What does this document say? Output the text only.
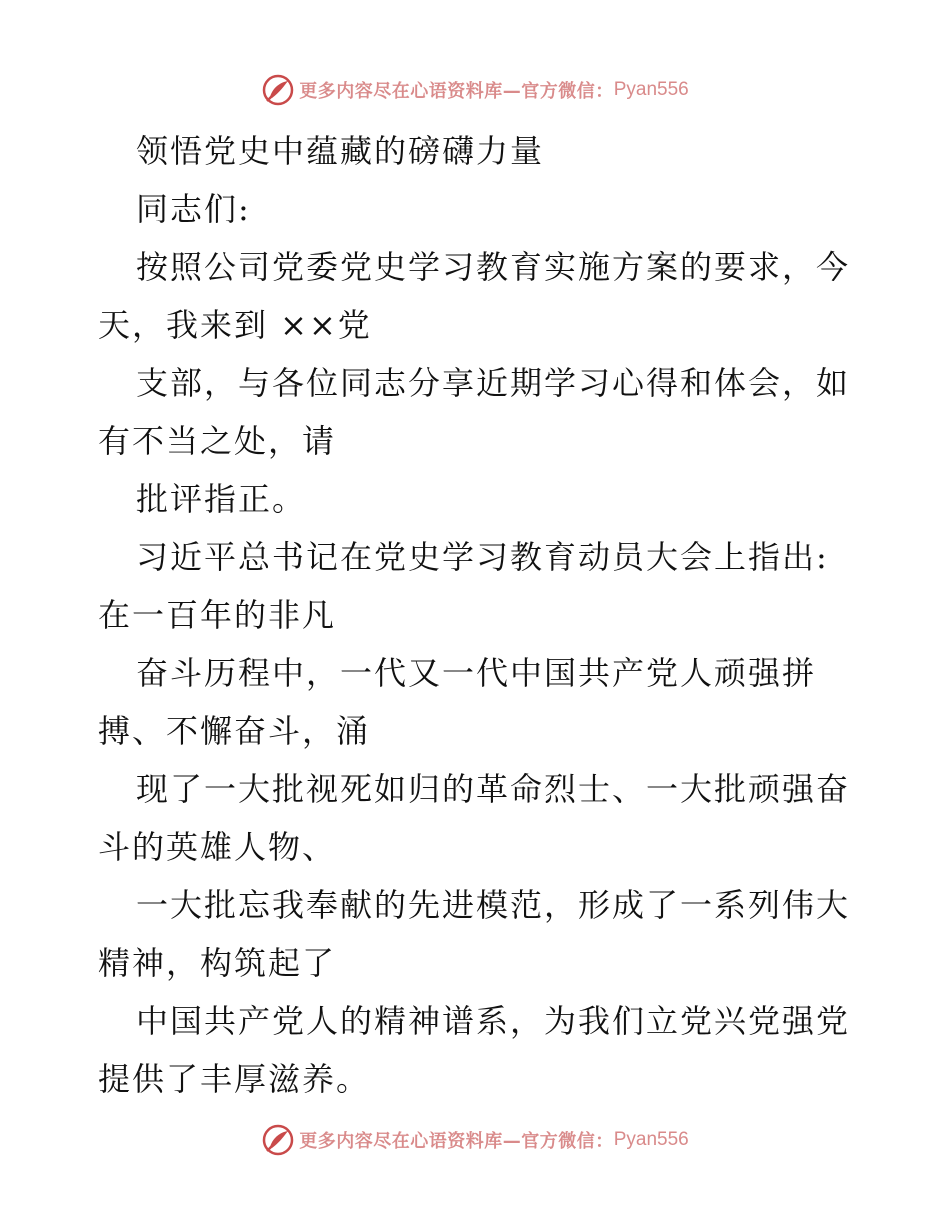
更多内容尽在心语资料库—官方微信： Pyan556
领悟党史中蕴藏的磅礴力量
同志们:
按照公司党委党史学习教育实施方案的要求，今
天，我来到 ××党
支部，与各位同志分享近期学习心得和体会，如
有不当之处，请
批评指正。
习近平总书记在党史学习教育动员大会上指出:
在一百年的非凡
奋斗历程中，一代又一代中国共产党人顽强拼
搏、不懈奋斗，涌
现了一大批视死如归的革命烈士、一大批顽强奋
斗的英雄人物、
一大批忘我奉献的先进模范，形成了一系列伟大
精神，构筑起了
中国共产党人的精神谱系，为我们立党兴党强党
提供了丰厚滋养。
更多内容尽在心语资料库—官方微信： Pyan556
